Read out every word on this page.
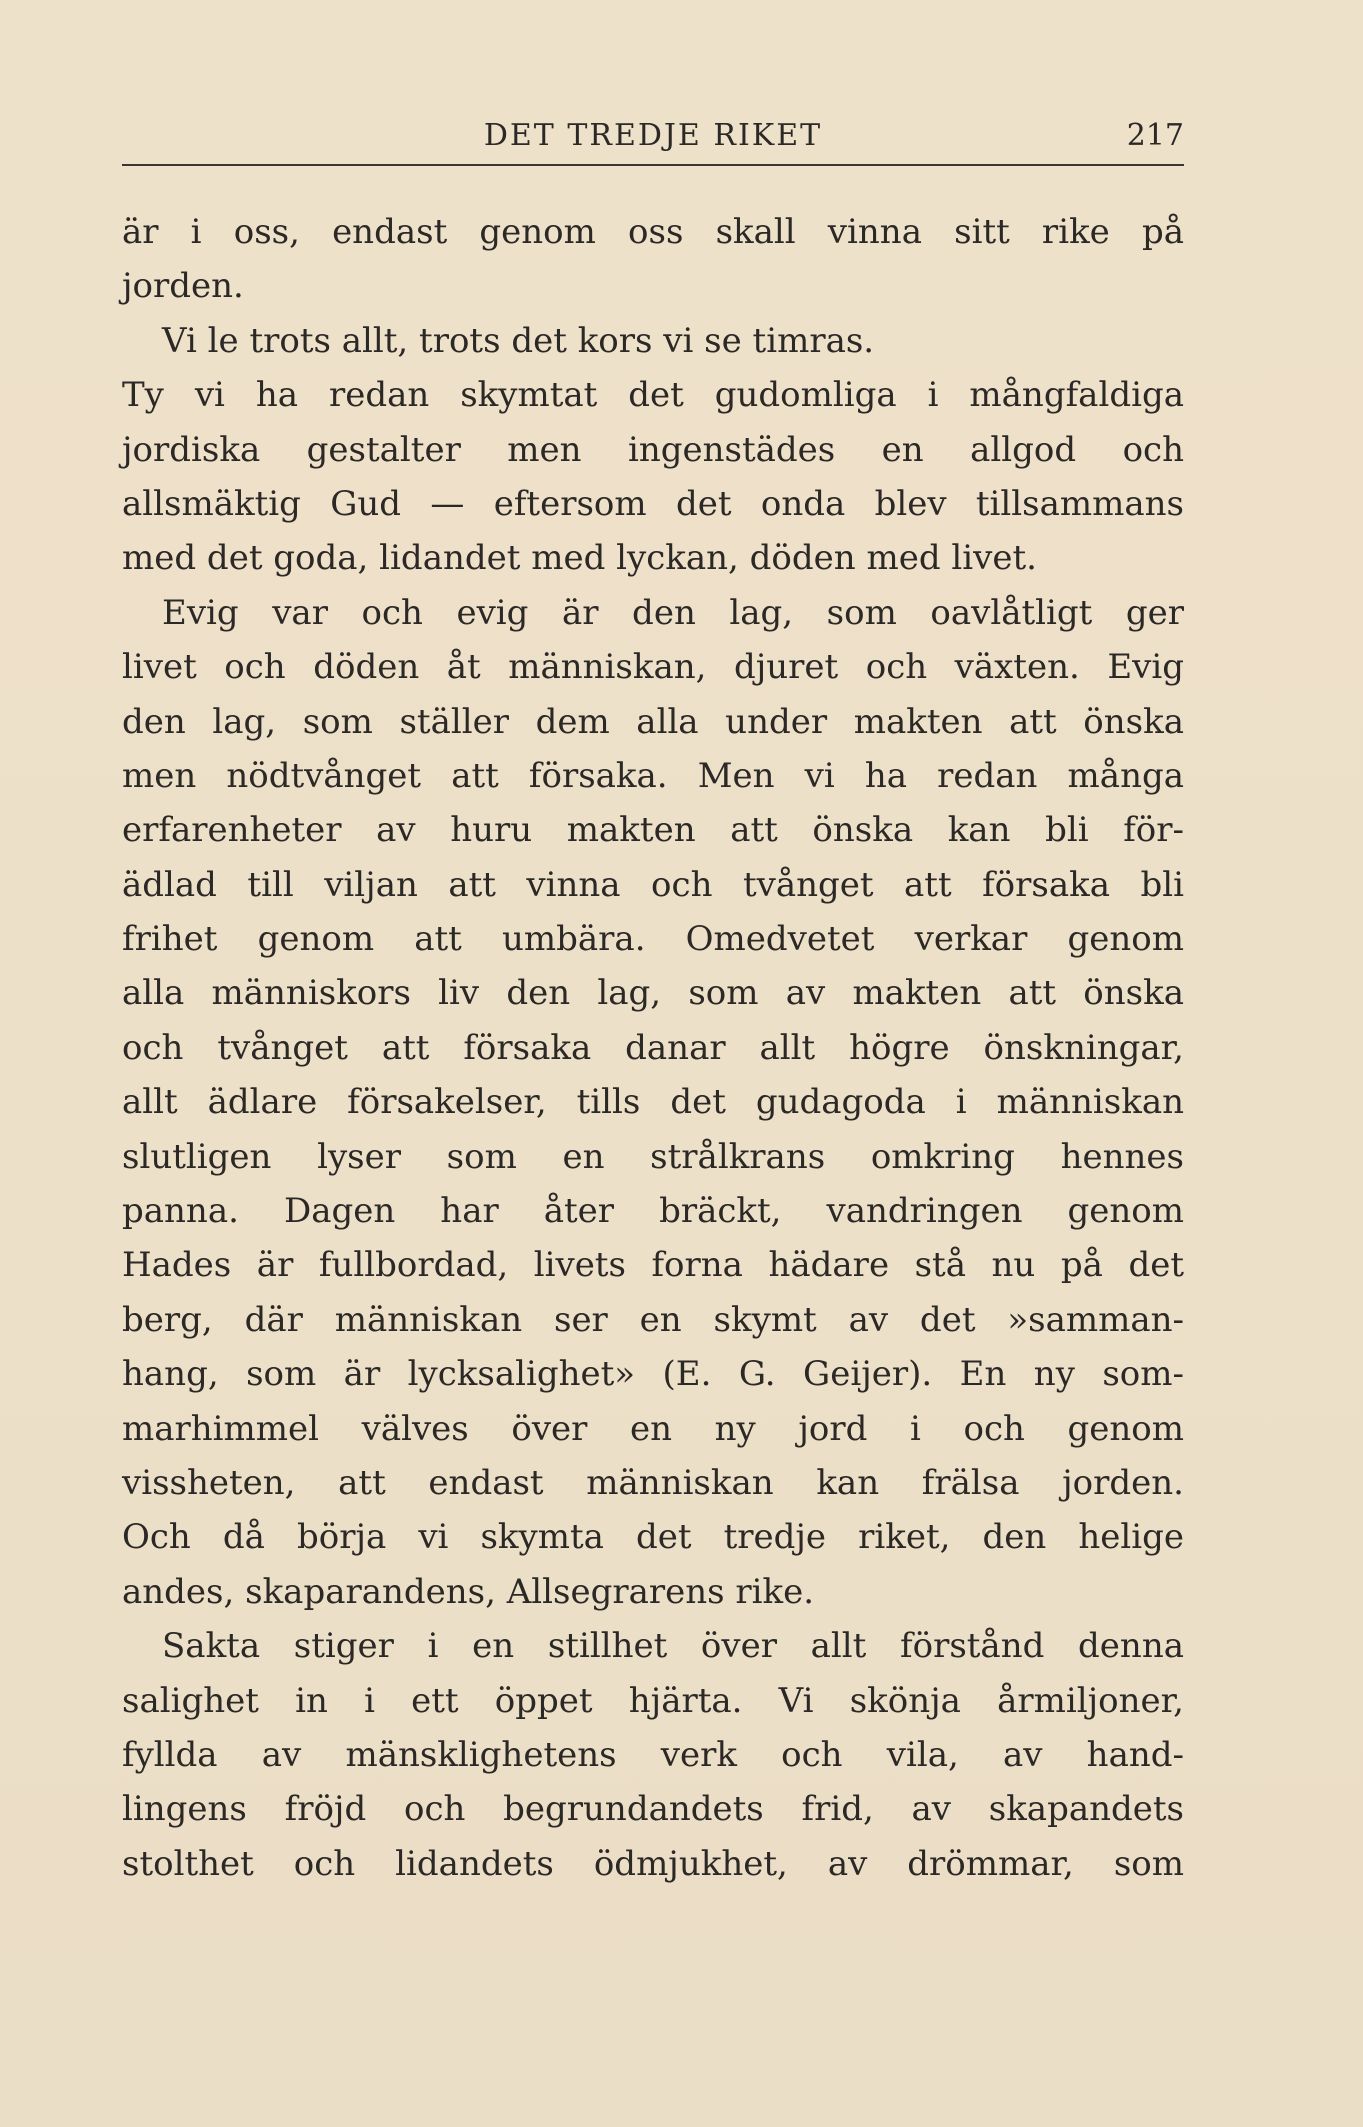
DET TREDJE RIKET	217
är i oss, endast genom oss skall vinna sitt rike på
jorden.
Vi le trots allt, trots det kors vi se timras.
Ty vi ha redan skymtat det gudomliga i mångfaldiga
jordiska gestalter men ingenstädes en allgod och
allsmäktig Gud — eftersom det onda blev tillsammans
med det goda, lidandet med lyckan, döden med livet.
Evig var och evig är den lag, som oavlåtligt ger
livet och döden åt människan, djuret och växten. Evig
den lag, som ställer dem alla under makten att önska
men nödtvånget att försaka. Men vi ha redan många
erfarenheter av huru makten att önska kan bli för-
ädlad till viljan att vinna och tvånget att försaka bli
frihet genom att umbära. Omedvetet verkar genom
alla människors liv den lag, som av makten att önska
och tvånget att försaka danar allt högre önskningar,
allt ädlare försakelser, tills det gudagoda i människan
slutligen lyser som en strålkrans omkring hennes
panna. Dagen har åter bräckt, vandringen genom
Hades är fullbordad, livets forna hädare stå nu på det
berg, där människan ser en skymt av det »samman-
hang, som är lycksalighet» (E. G. Geijer). En ny som-
marhimmel välves över en ny jord i och genom
vissheten, att endast människan kan frälsa jorden.
Och då börja vi skymta det tredje riket, den helige
andes, skaparandens, Allsegrarens rike.
Sakta stiger i en stillhet över allt förstånd denna
salighet in i ett öppet hjärta. Vi skönja årmiljoner,
fyllda av mänsklighetens verk och vila, av hand-
lingens fröjd och begrundandets frid, av skapandets
stolthet och lidandets ödmjukhet, av drömmar, som
